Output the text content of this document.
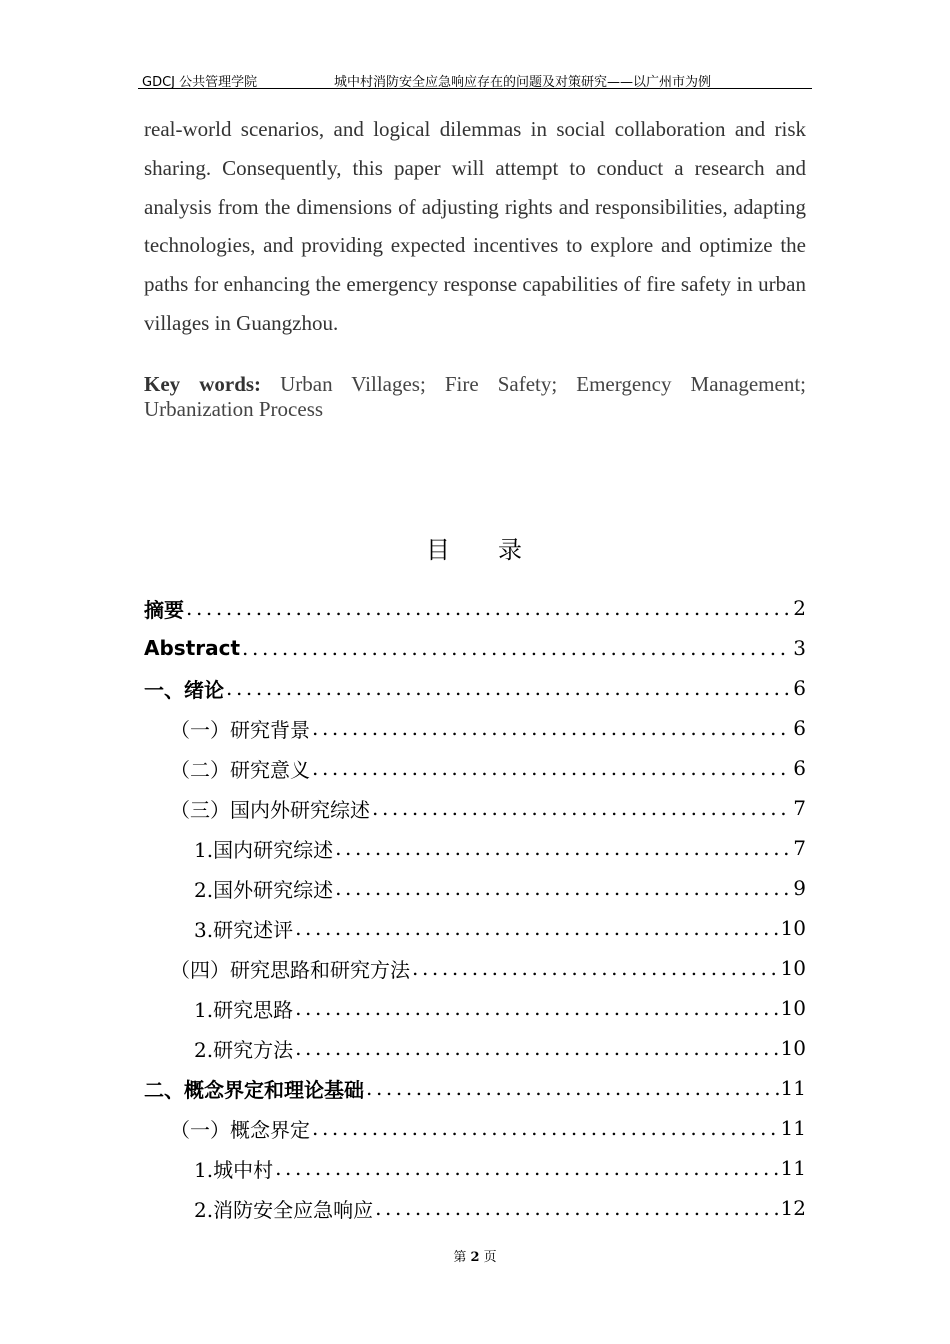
GDCJ 公共管理学院	城中村消防安全应急响应存在的问题及对策研究——以广州市为例
real-world scenarios, and logical dilemmas in social collaboration and risk sharing. Consequently, this paper will attempt to conduct a research and analysis from the dimensions of adjusting rights and responsibilities, adapting technologies, and providing expected incentives to explore and optimize the paths for enhancing the emergency response capabilities of fire safety in urban villages in Guangzhou.
Key words: Urban Villages; Fire Safety; Emergency Management; Urbanization Process
目 录
摘要 .....	2
Abstract .....	3
一、绪论 .....	6
（一）研究背景 .....	6
（二）研究意义 .....	6
（三）国内外研究综述 .....	7
1.国内研究综述 .....	7
2.国外研究综述 .....	9
3.研究述评 .....	10
（四）研究思路和研究方法 .....	10
1.研究思路 .....	10
2.研究方法 .....	10
二、概念界定和理论基础 .....	11
（一）概念界定 .....	11
1.城中村 .....	11
2.消防安全应急响应 .....	12
第 2 页
